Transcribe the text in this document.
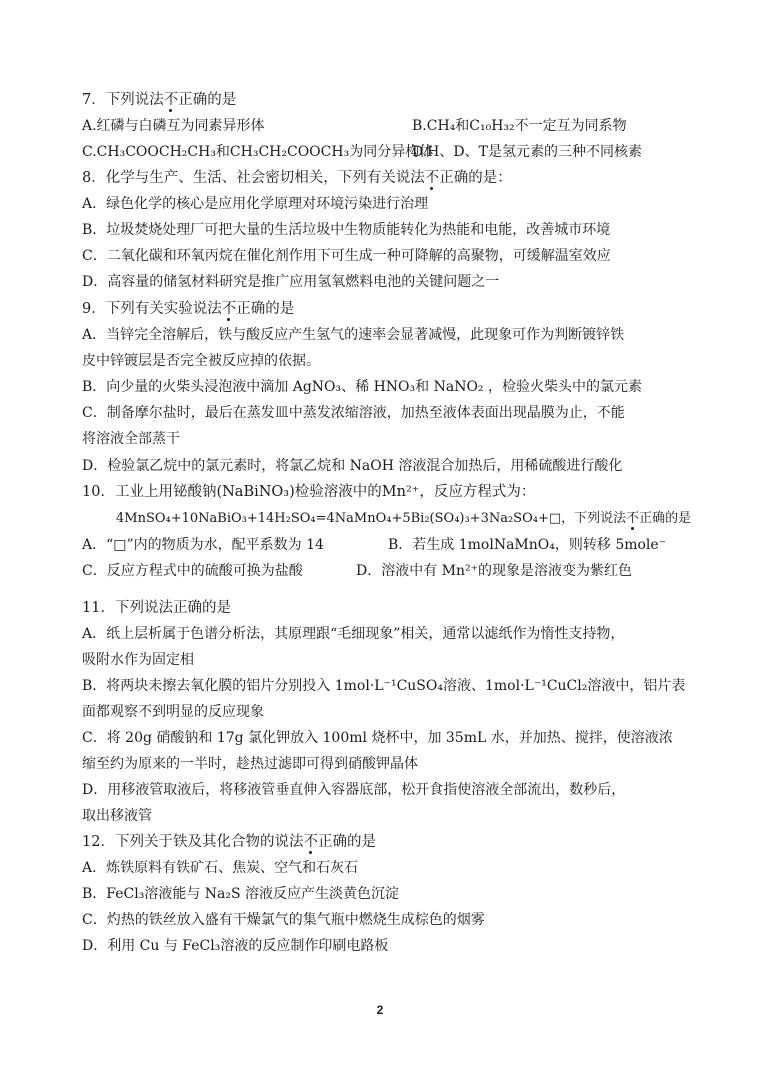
7．下列说法不正确的是
A.红磷与白磷互为同素异形体	B.CH₄和C₁₀H₃₂不一定互为同系物
C.CH₃COOCH₂CH₃和CH₃CH₂COOCH₃为同分异构体
D.H、D、T是氢元素的三种不同核素
8．化学与生产、生活、社会密切相关，下列有关说法不正确的是：
A．绿色化学的核心是应用化学原理对环境污染进行治理
B．垃圾焚烧处理厂可把大量的生活垃圾中生物质能转化为热能和电能，改善城市环境
C．二氧化碳和环氧丙烷在催化剂作用下可生成一种可降解的高聚物，可缓解温室效应
D．高容量的储氢材料研究是推广应用氢氧燃料电池的关键问题之一
9．下列有关实验说法不正确的是
A．当锌完全溶解后，铁与酸反应产生氢气的速率会显著减慢，此现象可作为判断镀锌铁
皮中锌镀层是否完全被反应掉的依据。
B．向少量的火柴头浸泡液中滴加 AgNO₃、稀 HNO₃和 NaNO₂ ，检验火柴头中的氯元素
C．制备摩尔盐时，最后在蒸发皿中蒸发浓缩溶液，加热至液体表面出现晶膜为止，不能
将溶液全部蒸干
D．检验氯乙烷中的氯元素时，将氯乙烷和 NaOH 溶液混合加热后，用稀硫酸进行酸化
10．工业上用铋酸钠(NaBiNO₃)检验溶液中的Mn²⁺，反应方程式为：
4MnSO₄+10NaBiO₃+14H₂SO₄=4NaMnO₄+5Bi₂(SO₄)₃+3Na₂SO₄+□，下列说法不正确的是
A．“□”内的物质为水，配平系数为 14	B．若生成 1molNaMnO₄，则转移 5mole⁻
C．反应方程式中的硫酸可换为盐酸	D．溶液中有 Mn²⁺的现象是溶液变为紫红色
11．下列说法正确的是
A．纸上层析属于色谱分析法，其原理跟“毛细现象”相关，通常以滤纸作为惰性支持物，
吸附水作为固定相
B．将两块未擦去氧化膜的铝片分别投入 1mol·L⁻¹CuSO₄溶液、1mol·L⁻¹CuCl₂溶液中，铝片表
面都观察不到明显的反应现象
C．将 20g 硝酸钠和 17g 氯化钾放入 100ml 烧杯中，加 35mL 水，并加热、搅拌，使溶液浓
缩至约为原来的一半时，趁热过滤即可得到硝酸钾晶体
D．用移液管取液后，将移液管垂直伸入容器底部，松开食指使溶液全部流出，数秒后，
取出移液管
12．下列关于铁及其化合物的说法不正确的是
A．炼铁原料有铁矿石、焦炭、空气和石灰石
B．FeCl₃溶液能与 Na₂S 溶液反应产生淡黄色沉淀
C．灼热的铁丝放入盛有干燥氯气的集气瓶中燃烧生成棕色的烟雾
D．利用 Cu 与 FeCl₃溶液的反应制作印刷电路板
2
